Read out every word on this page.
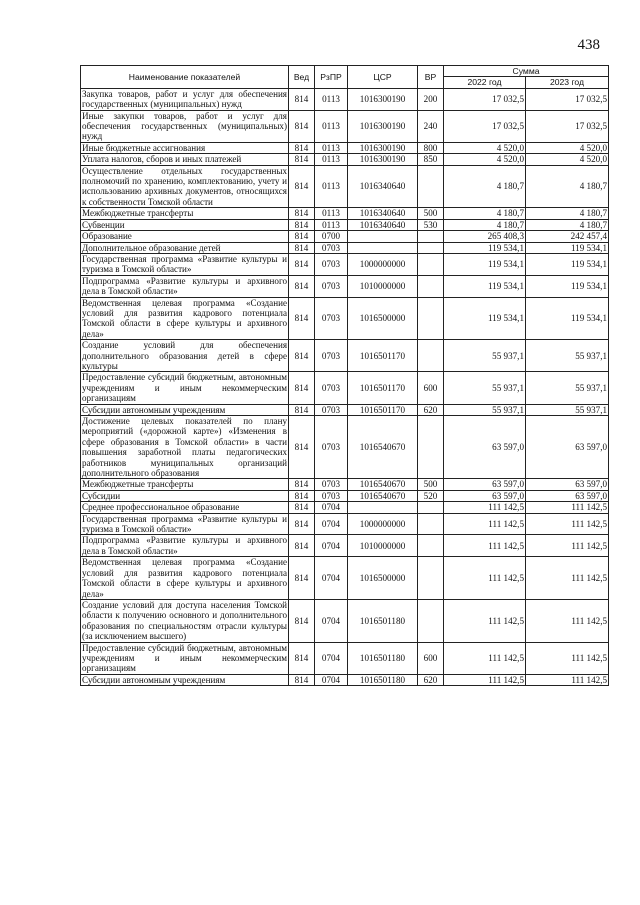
438
Наименование показателей	Вед	РзПР	ЦСР	ВР	Сумма	
					2022 год	2023 год
Закупка товаров, работ и услуг для обеспечения государственных (муниципальных) нужд	814	0113	1016300190	200	17 032,5	17 032,5
Иные закупки товаров, работ и услуг для обеспечения государственных (муниципальных) нужд	814	0113	1016300190	240	17 032,5	17 032,5
Иные бюджетные ассигнования	814	0113	1016300190	800	4 520,0	4 520,0
Уплата налогов, сборов и иных платежей	814	0113	1016300190	850	4 520,0	4 520,0
Осуществление отдельных государственных полномочий по хранению, комплектованию, учету и использованию архивных документов, относящихся к собственности Томской области	814	0113	1016340640		4 180,7	4 180,7
Межбюджетные трансферты	814	0113	1016340640	500	4 180,7	4 180,7
Субвенции	814	0113	1016340640	530	4 180,7	4 180,7
Образование	814	0700			265 408,3	242 457,4
Дополнительное образование детей	814	0703			119 534,1	119 534,1
Государственная программа «Развитие культуры и туризма в Томской области»	814	0703	1000000000		119 534,1	119 534,1
Подпрограмма «Развитие культуры и архивного дела в Томской области»	814	0703	1010000000		119 534,1	119 534,1
Ведомственная целевая программа «Создание условий для развития кадрового потенциала Томской области в сфере культуры и архивного дела»	814	0703	1016500000		119 534,1	119 534,1
Создание условий для обеспечения дополнительного образования детей в сфере культуры	814	0703	1016501170		55 937,1	55 937,1
Предоставление субсидий бюджетным, автономным учреждениям и иным некоммерческим организациям	814	0703	1016501170	600	55 937,1	55 937,1
Субсидии автономным учреждениям	814	0703	1016501170	620	55 937,1	55 937,1
Достижение целевых показателей по плану мероприятий («дорожной карте») «Изменения в сфере образования в Томской области» в части повышения заработной платы педагогических работников муниципальных организаций дополнительного образования	814	0703	1016540670		63 597,0	63 597,0
Межбюджетные трансферты	814	0703	1016540670	500	63 597,0	63 597,0
Субсидии	814	0703	1016540670	520	63 597,0	63 597,0
Среднее профессиональное образование	814	0704			111 142,5	111 142,5
Государственная программа «Развитие культуры и туризма в Томской области»	814	0704	1000000000		111 142,5	111 142,5
Подпрограмма «Развитие культуры и архивного дела в Томской области»	814	0704	1010000000		111 142,5	111 142,5
Ведомственная целевая программа «Создание условий для развития кадрового потенциала Томской области в сфере культуры и архивного дела»	814	0704	1016500000		111 142,5	111 142,5
Создание условий для доступа населения Томской области к получению основного и дополнительного образования по специальностям отрасли культуры (за исключением высшего)	814	0704	1016501180		111 142,5	111 142,5
Предоставление субсидий бюджетным, автономным учреждениям и иным некоммерческим организациям	814	0704	1016501180	600	111 142,5	111 142,5
Субсидии автономным учреждениям	814	0704	1016501180	620	111 142,5	111 142,5
